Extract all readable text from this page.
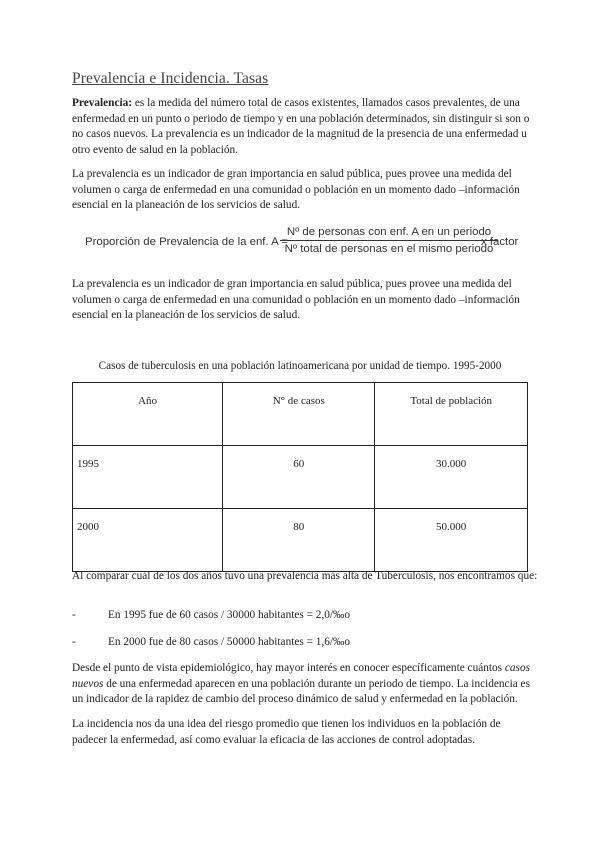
Prevalencia e Incidencia. Tasas
Prevalencia: es la medida del número total de casos existentes, llamados casos prevalentes, de una enfermedad en un punto o periodo de tiempo y en una población determinados, sin distinguir si son o no casos nuevos. La prevalencia es un indicador de la magnitud de la presencia de una enfermedad u otro evento de salud en la población.
La prevalencia es un indicador de gran importancia en salud pública, pues provee una medida del volumen o carga de enfermedad en una comunidad o población en un momento dado –información esencial en la planeación de los servicios de salud.
Proporción de Prevalencia de la enf. A =
Nº de personas con enf. A en un periodo
Nº total de personas en el mismo periodo
x factor
La prevalencia es un indicador de gran importancia en salud pública, pues provee una medida del volumen o carga de enfermedad en una comunidad o población en un momento dado –información esencial en la planeación de los servicios de salud.
Casos de tuberculosis en una población latinoamericana por unidad de tiempo. 1995-2000
Año	N° de casos	Total de población
1995	60	30.000
2000	80	50.000
Al comparar cuál de los dos años tuvo una prevalencia más alta de Tuberculosis, nos encontramos que:
-	En 1995 fue de 60 casos / 30000 habitantes = 2,0/‰o
-	En 2000 fue de 80 casos / 50000 habitantes = 1,6/‰o
Desde el punto de vista epidemiológico, hay mayor interés en conocer específicamente cuántos casos nuevos de una enfermedad aparecen en una población durante un periodo de tiempo. La incidencia es un indicador de la rapidez de cambio del proceso dinámico de salud y enfermedad en la población.
La incidencia nos da una idea del riesgo promedio que tienen los individuos en la población de padecer la enfermedad, así como evaluar la eficacia de las acciones de control adoptadas.
